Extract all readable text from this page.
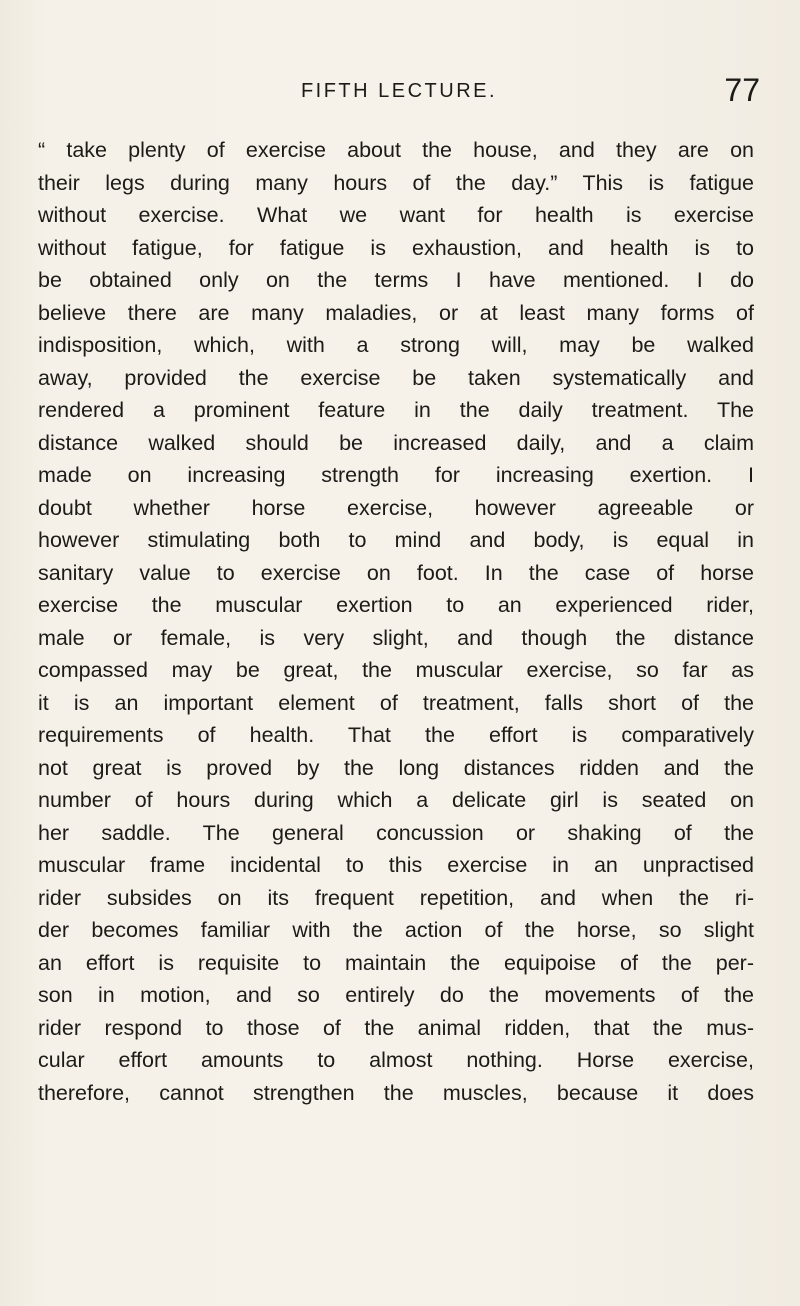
FIFTH LECTURE.	77
“ take plenty of exercise about the house, and they are on
their legs during many hours of the day.” This is fatigue
without exercise. What we want for health is exercise
without fatigue, for fatigue is exhaustion, and health is to
be obtained only on the terms I have mentioned. I do
believe there are many maladies, or at least many forms of
indisposition, which, with a strong will, may be walked
away, provided the exercise be taken systematically and
rendered a prominent feature in the daily treatment. The
distance walked should be increased daily, and a claim
made on increasing strength for increasing exertion. I
doubt whether horse exercise, however agreeable or
however stimulating both to mind and body, is equal in
sanitary value to exercise on foot. In the case of horse
exercise the muscular exertion to an experienced rider,
male or female, is very slight, and though the distance
compassed may be great, the muscular exercise, so far as
it is an important element of treatment, falls short of the
requirements of health. That the effort is comparatively
not great is proved by the long distances ridden and the
number of hours during which a delicate girl is seated on
her saddle. The general concussion or shaking of the
muscular frame incidental to this exercise in an unpractised
rider subsides on its frequent repetition, and when the ri-
der becomes familiar with the action of the horse, so slight
an effort is requisite to maintain the equipoise of the per-
son in motion, and so entirely do the movements of the
rider respond to those of the animal ridden, that the mus-
cular effort amounts to almost nothing. Horse exercise,
therefore, cannot strengthen the muscles, because it does
